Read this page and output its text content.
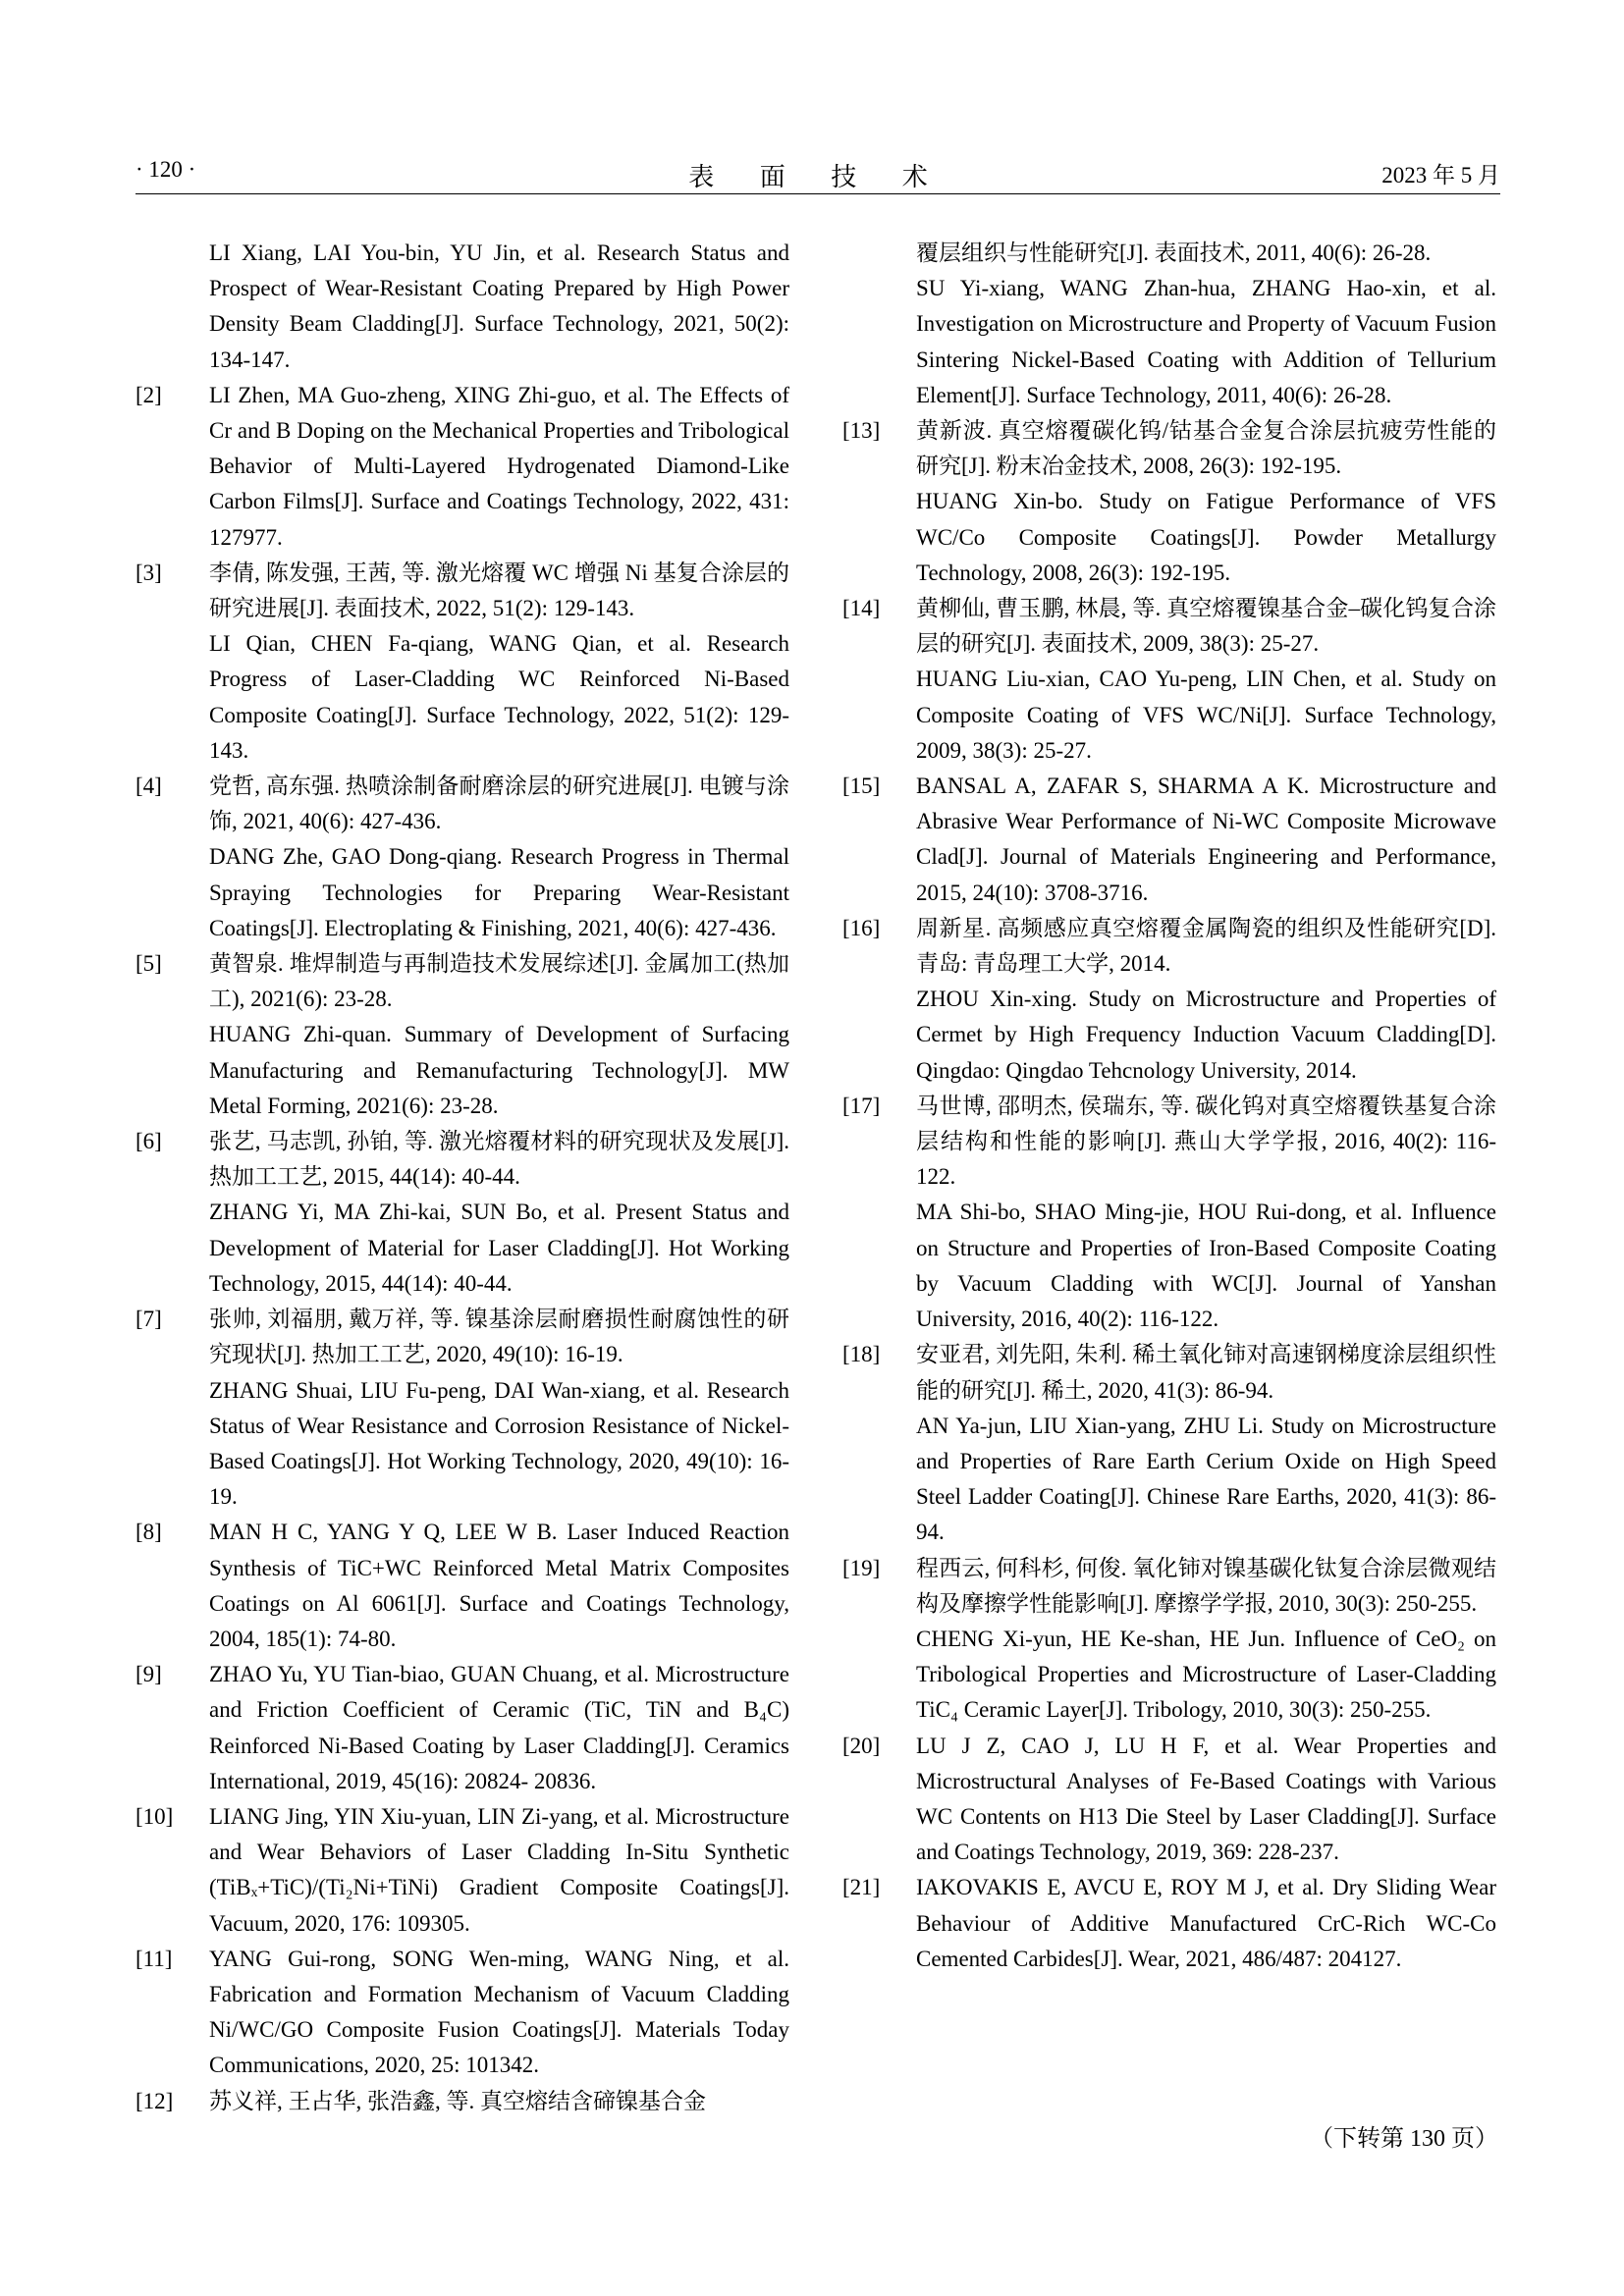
· 120 ·	表 面 技 术	2023 年 5 月
LI Xiang, LAI You-bin, YU Jin, et al. Research Status and Prospect of Wear-Resistant Coating Prepared by High Power Density Beam Cladding[J]. Surface Technology, 2021, 50(2): 134-147.
[2]	LI Zhen, MA Guo-zheng, XING Zhi-guo, et al. The Effects of Cr and B Doping on the Mechanical Properties and Tribological Behavior of Multi-Layered Hydrogenated Diamond-Like Carbon Films[J]. Surface and Coatings Technology, 2022, 431: 127977.
[3]	李倩, 陈发强, 王茜, 等. 激光熔覆 WC 增强 Ni 基复合涂层的研究进展[J]. 表面技术, 2022, 51(2): 129-143.
LI Qian, CHEN Fa-qiang, WANG Qian, et al. Research Progress of Laser-Cladding WC Reinforced Ni-Based Composite Coating[J]. Surface Technology, 2022, 51(2): 129-143.
[4]	党哲, 高东强. 热喷涂制备耐磨涂层的研究进展[J]. 电镀与涂饰, 2021, 40(6): 427-436.
DANG Zhe, GAO Dong-qiang. Research Progress in Thermal Spraying Technologies for Preparing Wear-Resistant Coatings[J]. Electroplating & Finishing, 2021, 40(6): 427-436.
[5]	黄智泉. 堆焊制造与再制造技术发展综述[J]. 金属加工(热加工), 2021(6): 23-28.
HUANG Zhi-quan. Summary of Development of Surfacing Manufacturing and Remanufacturing Technology[J]. MW Metal Forming, 2021(6): 23-28.
[6]	张艺, 马志凯, 孙铂, 等. 激光熔覆材料的研究现状及发展[J]. 热加工工艺, 2015, 44(14): 40-44.
ZHANG Yi, MA Zhi-kai, SUN Bo, et al. Present Status and Development of Material for Laser Cladding[J]. Hot Working Technology, 2015, 44(14): 40-44.
[7]	张帅, 刘福朋, 戴万祥, 等. 镍基涂层耐磨损性耐腐蚀性的研究现状[J]. 热加工工艺, 2020, 49(10): 16-19.
ZHANG Shuai, LIU Fu-peng, DAI Wan-xiang, et al. Research Status of Wear Resistance and Corrosion Resistance of Nickel-Based Coatings[J]. Hot Working Technology, 2020, 49(10): 16-19.
[8]	MAN H C, YANG Y Q, LEE W B. Laser Induced Reaction Synthesis of TiC+WC Reinforced Metal Matrix Composites Coatings on Al 6061[J]. Surface and Coatings Technology, 2004, 185(1): 74-80.
[9]	ZHAO Yu, YU Tian-biao, GUAN Chuang, et al. Microstructure and Friction Coefficient of Ceramic (TiC, TiN and B₄C) Reinforced Ni-Based Coating by Laser Cladding[J]. Ceramics International, 2019, 45(16): 20824- 20836.
[10]	LIANG Jing, YIN Xiu-yuan, LIN Zi-yang, et al. Microstructure and Wear Behaviors of Laser Cladding In-Situ Synthetic (TiBₓ+TiC)/(Ti₂Ni+TiNi) Gradient Composite Coatings[J]. Vacuum, 2020, 176: 109305.
[11]	YANG Gui-rong, SONG Wen-ming, WANG Ning, et al. Fabrication and Formation Mechanism of Vacuum Cladding Ni/WC/GO Composite Fusion Coatings[J]. Materials Today Communications, 2020, 25: 101342.
[12]	苏义祥, 王占华, 张浩鑫, 等. 真空熔结含碲镍基合金
覆层组织与性能研究[J]. 表面技术, 2011, 40(6): 26-28.
SU Yi-xiang, WANG Zhan-hua, ZHANG Hao-xin, et al. Investigation on Microstructure and Property of Vacuum Fusion Sintering Nickel-Based Coating with Addition of Tellurium Element[J]. Surface Technology, 2011, 40(6): 26-28.
[13]	黄新波. 真空熔覆碳化钨/钴基合金复合涂层抗疲劳性能的研究[J]. 粉末冶金技术, 2008, 26(3): 192-195.
HUANG Xin-bo. Study on Fatigue Performance of VFS WC/Co Composite Coatings[J]. Powder Metallurgy Technology, 2008, 26(3): 192-195.
[14]	黄柳仙, 曹玉鹏, 林晨, 等. 真空熔覆镍基合金–碳化钨复合涂层的研究[J]. 表面技术, 2009, 38(3): 25-27.
HUANG Liu-xian, CAO Yu-peng, LIN Chen, et al. Study on Composite Coating of VFS WC/Ni[J]. Surface Technology, 2009, 38(3): 25-27.
[15]	BANSAL A, ZAFAR S, SHARMA A K. Microstructure and Abrasive Wear Performance of Ni-WC Composite Microwave Clad[J]. Journal of Materials Engineering and Performance, 2015, 24(10): 3708-3716.
[16]	周新星. 高频感应真空熔覆金属陶瓷的组织及性能研究[D]. 青岛: 青岛理工大学, 2014.
ZHOU Xin-xing. Study on Microstructure and Properties of Cermet by High Frequency Induction Vacuum Cladding[D]. Qingdao: Qingdao Tehcnology University, 2014.
[17]	马世博, 邵明杰, 侯瑞东, 等. 碳化钨对真空熔覆铁基复合涂层结构和性能的影响[J]. 燕山大学学报, 2016, 40(2): 116-122.
MA Shi-bo, SHAO Ming-jie, HOU Rui-dong, et al. Influence on Structure and Properties of Iron-Based Composite Coating by Vacuum Cladding with WC[J]. Journal of Yanshan University, 2016, 40(2): 116-122.
[18]	安亚君, 刘先阳, 朱利. 稀土氧化铈对高速钢梯度涂层组织性能的研究[J]. 稀土, 2020, 41(3): 86-94.
AN Ya-jun, LIU Xian-yang, ZHU Li. Study on Microstructure and Properties of Rare Earth Cerium Oxide on High Speed Steel Ladder Coating[J]. Chinese Rare Earths, 2020, 41(3): 86-94.
[19]	程西云, 何科杉, 何俊. 氧化铈对镍基碳化钛复合涂层微观结构及摩擦学性能影响[J]. 摩擦学学报, 2010, 30(3): 250-255.
CHENG Xi-yun, HE Ke-shan, HE Jun. Influence of CeO₂ on Tribological Properties and Microstructure of Laser-Cladding TiC₄ Ceramic Layer[J]. Tribology, 2010, 30(3): 250-255.
[20]	LU J Z, CAO J, LU H F, et al. Wear Properties and Microstructural Analyses of Fe-Based Coatings with Various WC Contents on H13 Die Steel by Laser Cladding[J]. Surface and Coatings Technology, 2019, 369: 228-237.
[21]	IAKOVAKIS E, AVCU E, ROY M J, et al. Dry Sliding Wear Behaviour of Additive Manufactured CrC-Rich WC-Co Cemented Carbides[J]. Wear, 2021, 486/487: 204127.
（下转第 130 页）
